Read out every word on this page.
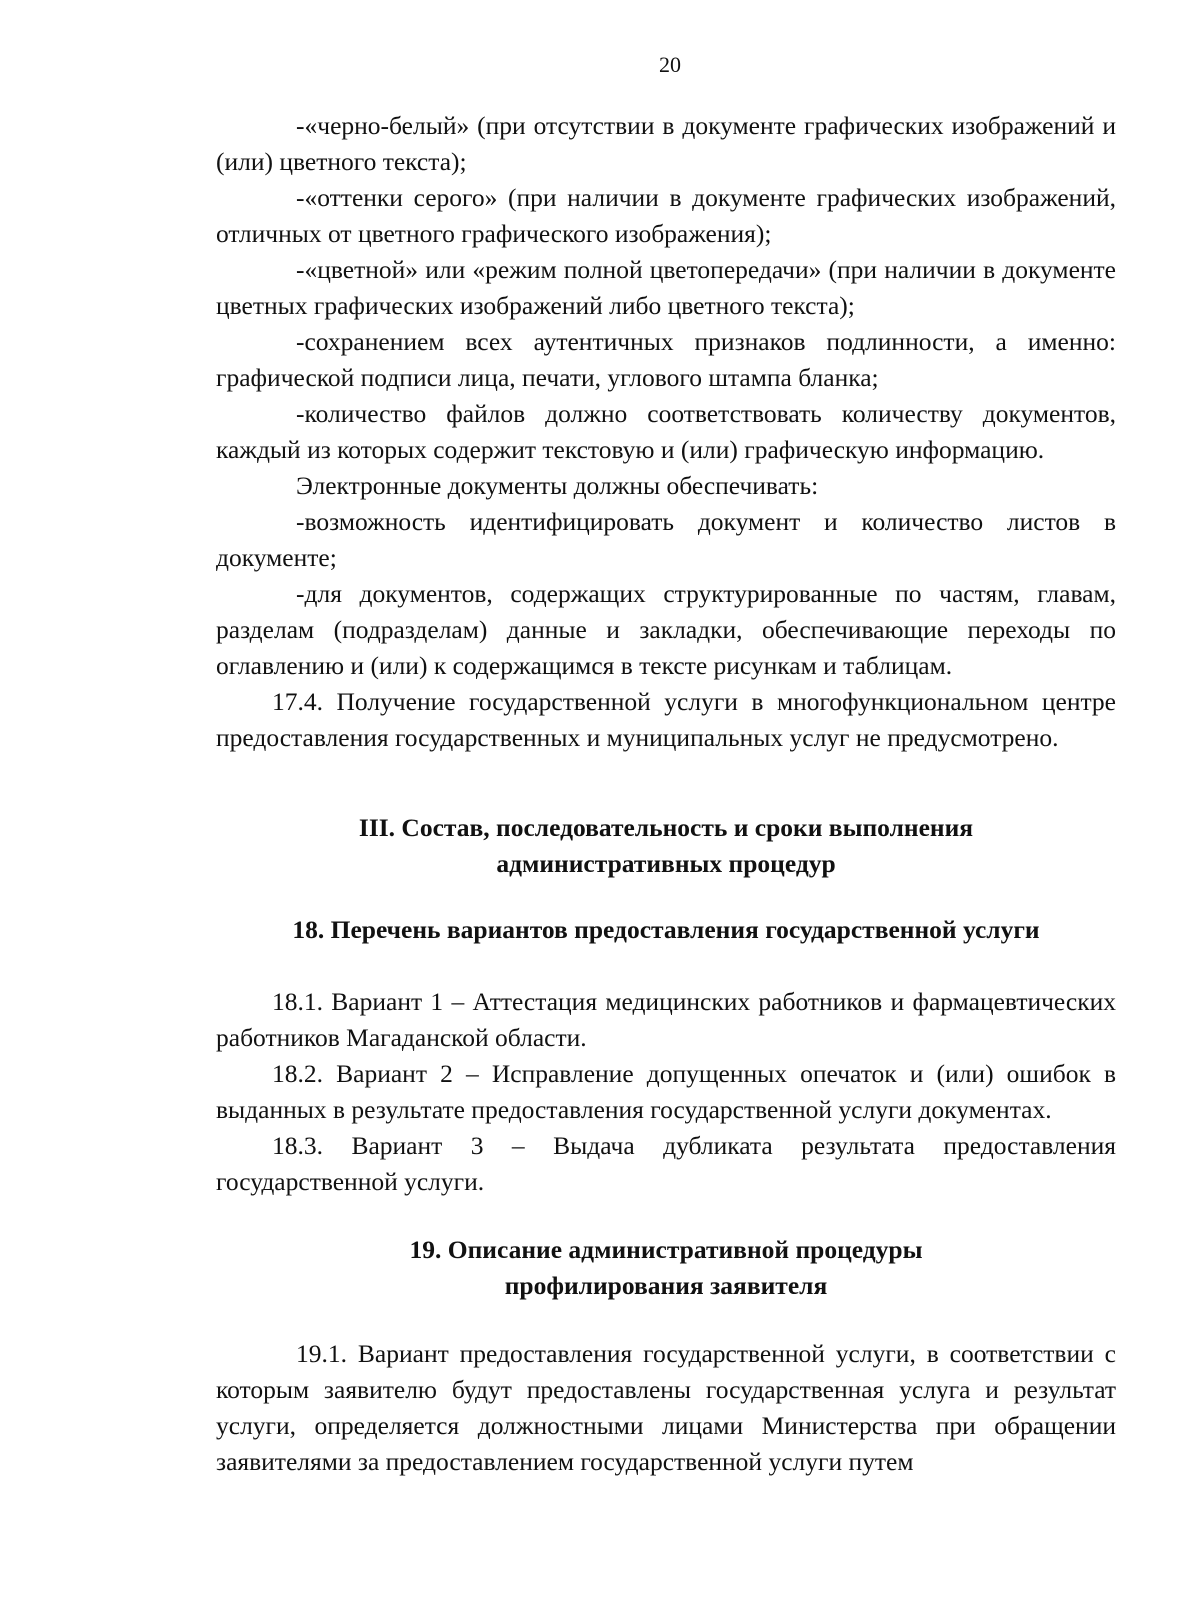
20

-«черно-белый» (при отсутствии в документе графических изображений и (или) цветного текста);

-«оттенки серого» (при наличии в документе графических изображений, отличных от цветного графического изображения);

-«цветной» или «режим полной цветопередачи» (при наличии в документе цветных графических изображений либо цветного текста);

-сохранением всех аутентичных признаков подлинности, а именно: графической подписи лица, печати, углового штампа бланка;

-количество файлов должно соответствовать количеству документов, каждый из которых содержит текстовую и (или) графическую информацию.

Электронные документы должны обеспечивать:

-возможность идентифицировать документ и количество листов в документе;

-для документов, содержащих структурированные по частям, главам, разделам (подразделам) данные и закладки, обеспечивающие переходы по оглавлению и (или) к содержащимся в тексте рисункам и таблицам.

17.4. Получение государственной услуги в многофункциональном центре предоставления государственных и муниципальных услуг не предусмотрено.

III. Состав, последовательность и сроки выполнения
административных процедур
18. Перечень вариантов предоставления государственной услуги

18.1. Вариант 1 – Аттестация медицинских работников и фармацевтических работников Магаданской области.

18.2. Вариант 2 – Исправление допущенных опечаток и (или) ошибок в выданных в результате предоставления государственной услуги документах.

18.3. Вариант 3 – Выдача дубликата результата предоставления государственной услуги.

19. Описание административной процедуры
профилирования заявителя

19.1. Вариант предоставления государственной услуги, в соответствии с которым заявителю будут предоставлены государственная услуга и результат услуги, определяется должностными лицами Министерства при обращении заявителями за предоставлением государственной услуги путем
